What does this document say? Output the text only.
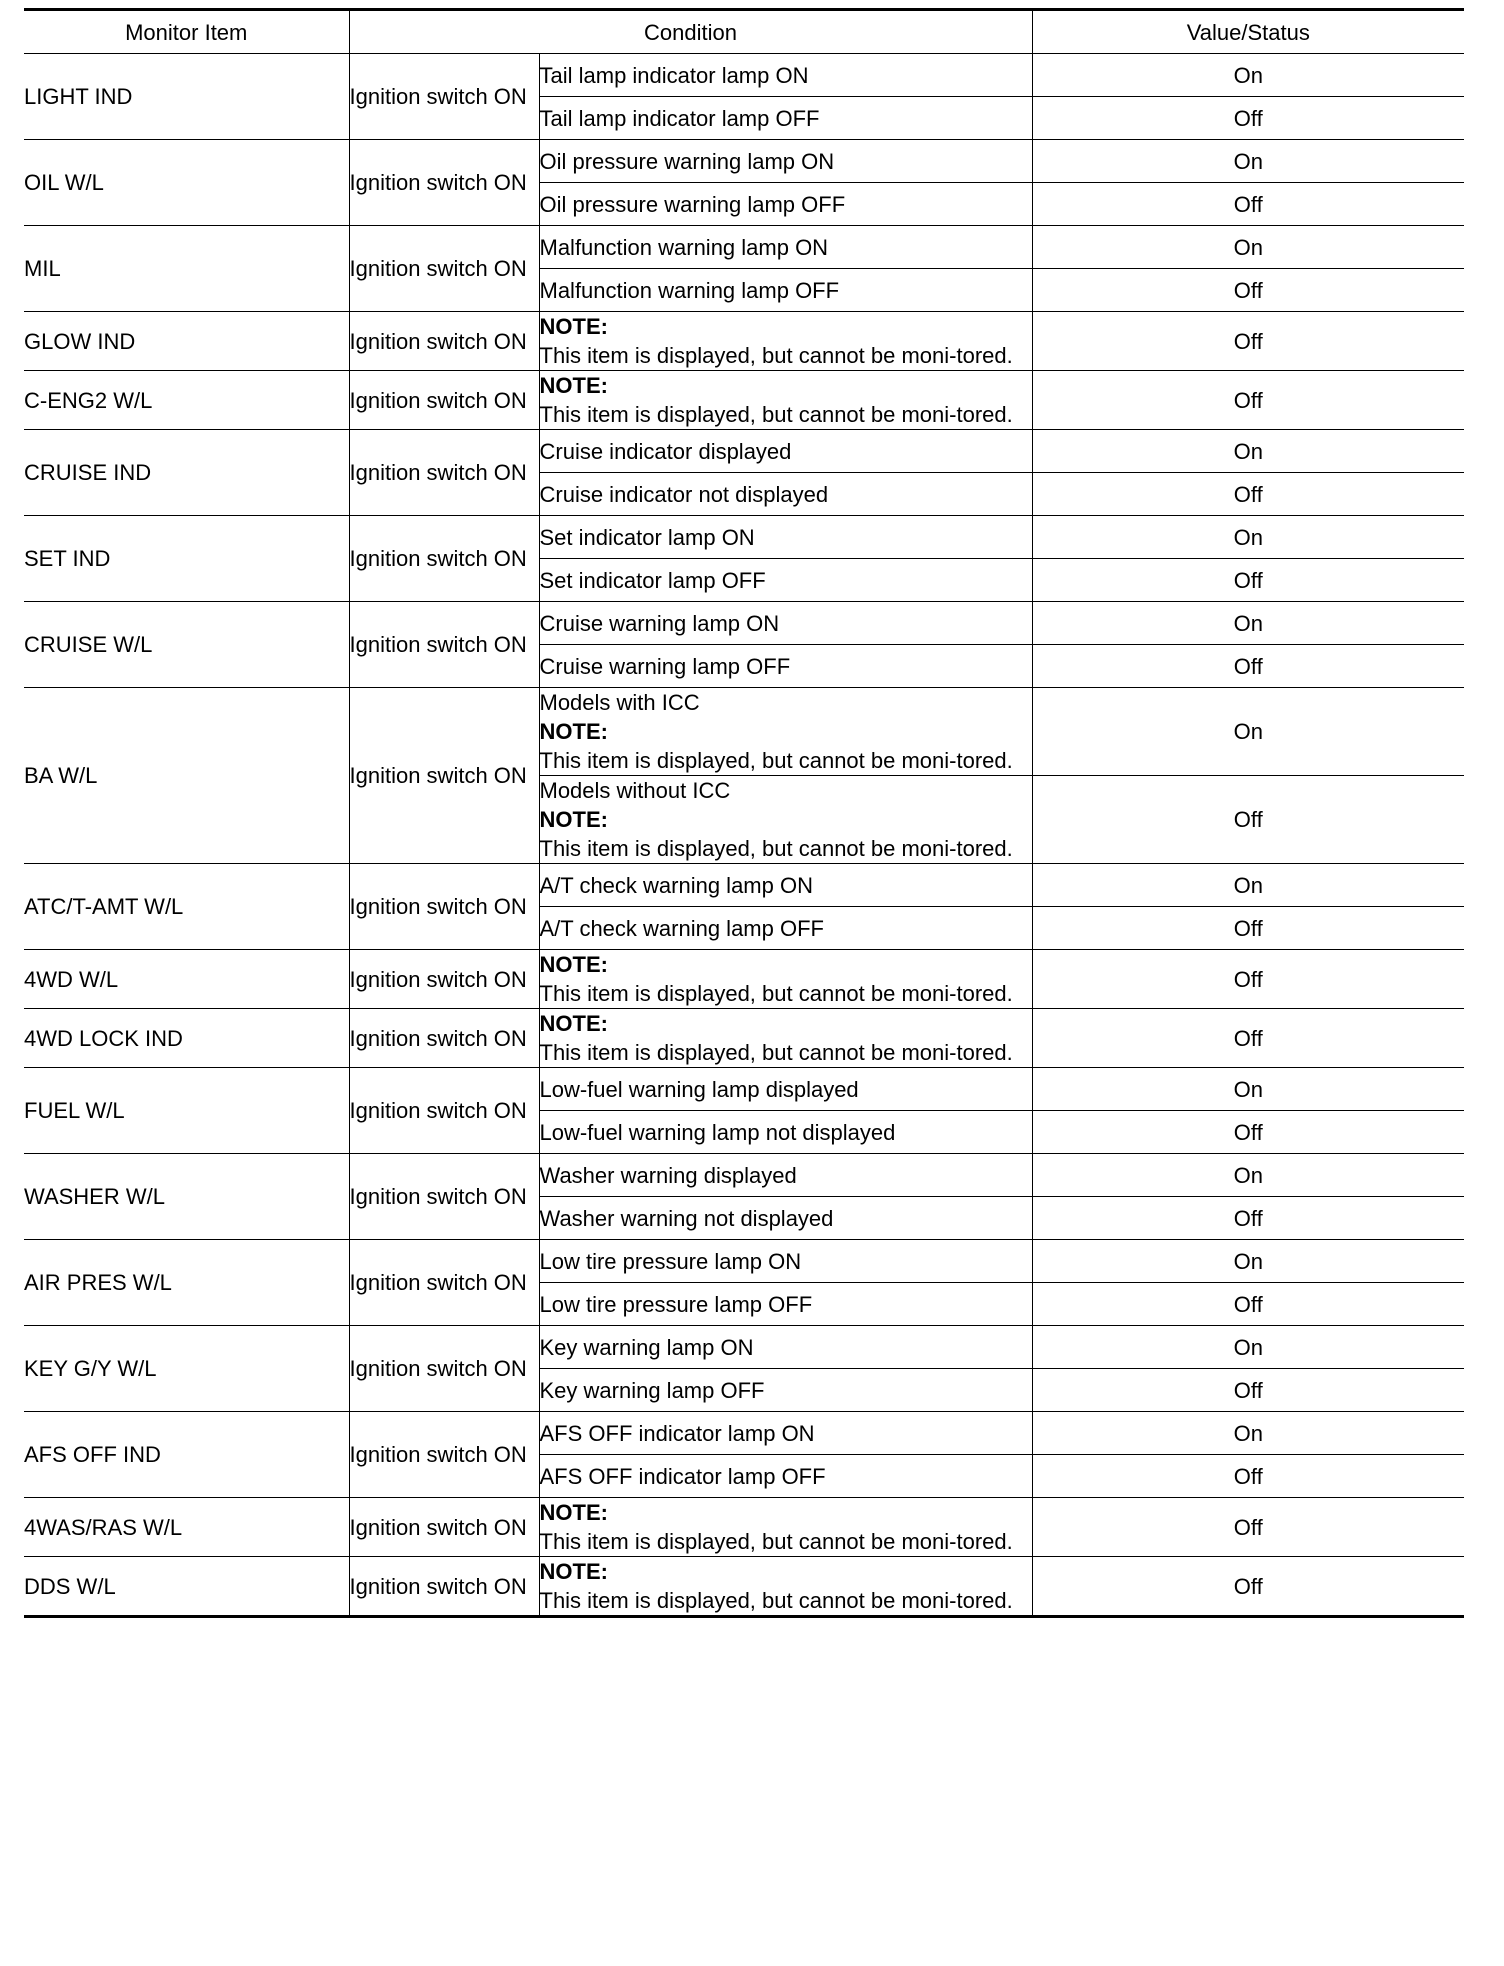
Monitor Item	Condition		Value/Status
LIGHT IND	Ignition switch ON	Tail lamp indicator lamp ON	On
		Tail lamp indicator lamp OFF	Off
OIL W/L	Ignition switch ON	Oil pressure warning lamp ON	On
		Oil pressure warning lamp OFF	Off
MIL	Ignition switch ON	Malfunction warning lamp ON	On
		Malfunction warning lamp OFF	Off
GLOW IND	Ignition switch ON	NOTE:
This item is displayed, but cannot be moni-tored.	Off
C-ENG2 W/L	Ignition switch ON	NOTE:
This item is displayed, but cannot be moni-tored.	Off
CRUISE IND	Ignition switch ON	Cruise indicator displayed	On
		Cruise indicator not displayed	Off
SET IND	Ignition switch ON	Set indicator lamp ON	On
		Set indicator lamp OFF	Off
CRUISE W/L	Ignition switch ON	Cruise warning lamp ON	On
		Cruise warning lamp OFF	Off
BA W/L	Ignition switch ON	Models with ICC
NOTE:
This item is displayed, but cannot be moni-tored.	On

		Models without ICC
NOTE:
This item is displayed, but cannot be moni-tored.	Off
ATC/T-AMT W/L	Ignition switch ON	A/T check warning lamp ON	On
		A/T check warning lamp OFF	Off
4WD W/L	Ignition switch ON	NOTE:
This item is displayed, but cannot be moni-tored.	Off
4WD LOCK IND	Ignition switch ON	NOTE:
This item is displayed, but cannot be moni-tored.	Off
FUEL W/L	Ignition switch ON	Low-fuel warning lamp displayed	On
		Low-fuel warning lamp not displayed	Off
WASHER W/L	Ignition switch ON	Washer warning displayed	On
		Washer warning not displayed	Off
AIR PRES W/L	Ignition switch ON	Low tire pressure lamp ON	On
		Low tire pressure lamp OFF	Off
KEY G/Y W/L	Ignition switch ON	Key warning lamp ON	On
		Key warning lamp OFF	Off
AFS OFF IND	Ignition switch ON	AFS OFF indicator lamp ON	On
		AFS OFF indicator lamp OFF	Off
4WAS/RAS W/L	Ignition switch ON	NOTE:
This item is displayed, but cannot be moni-tored.	Off
DDS W/L	Ignition switch ON	NOTE:
This item is displayed, but cannot be moni-tored.	Off
